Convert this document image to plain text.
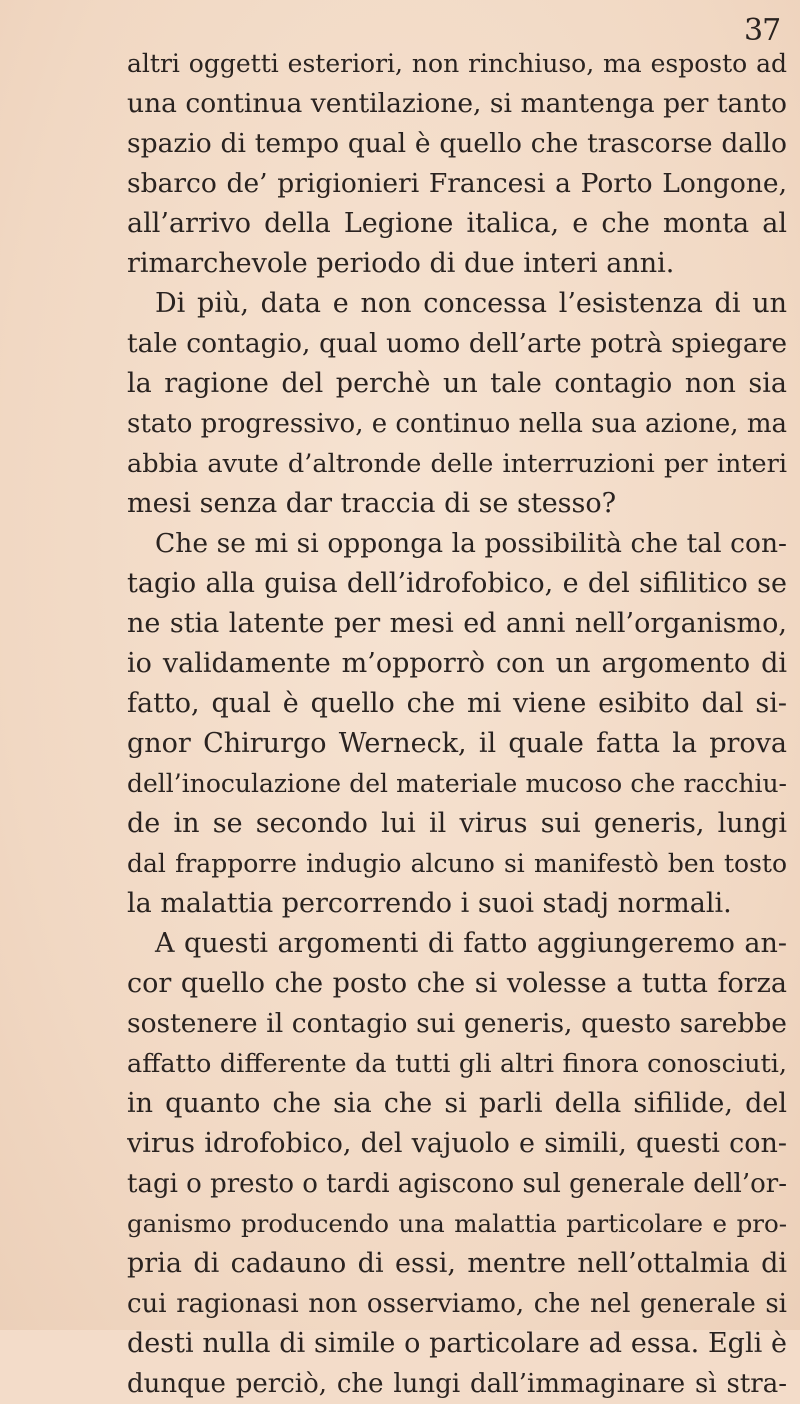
37
altri oggetti esteriori, non rinchiuso, ma esposto ad
una continua ventilazione, si mantenga per tanto
spazio di tempo qual è quello che trascorse dallo
sbarco de’ prigionieri Francesi a Porto Longone,
all’arrivo della Legione italica, e che monta al
rimarchevole periodo di due interi anni.
Di più, data e non concessa l’esistenza di un
tale contagio, qual uomo dell’arte potrà spiegare
la ragione del perchè un tale contagio non sia
stato progressivo, e continuo nella sua azione, ma
abbia avute d’altronde delle interruzioni per interi
mesi senza dar traccia di se stesso?
Che se mi si opponga la possibilità che tal con-
tagio alla guisa dell’idrofobico, e del sifilitico se
ne stia latente per mesi ed anni nell’organismo,
io validamente m’opporrò con un argomento di
fatto, qual è quello che mi viene esibito dal si-
gnor Chirurgo Werneck, il quale fatta la prova
dell’inoculazione del materiale mucoso che racchiu-
de in se secondo lui il virus sui generis, lungi
dal frapporre indugio alcuno si manifestò ben tosto
la malattia percorrendo i suoi stadj normali.
A questi argomenti di fatto aggiungeremo an-
cor quello che posto che si volesse a tutta forza
sostenere il contagio sui generis, questo sarebbe
affatto differente da tutti gli altri finora conosciuti,
in quanto che sia che si parli della sifilide, del
virus idrofobico, del vajuolo e simili, questi con-
tagi o presto o tardi agiscono sul generale dell’or-
ganismo producendo una malattia particolare e pro-
pria di cadauno di essi, mentre nell’ottalmia di
cui ragionasi non osserviamo, che nel generale si
desti nulla di simile o particolare ad essa. Egli è
dunque perciò, che lungi dall’immaginare sì stra-
